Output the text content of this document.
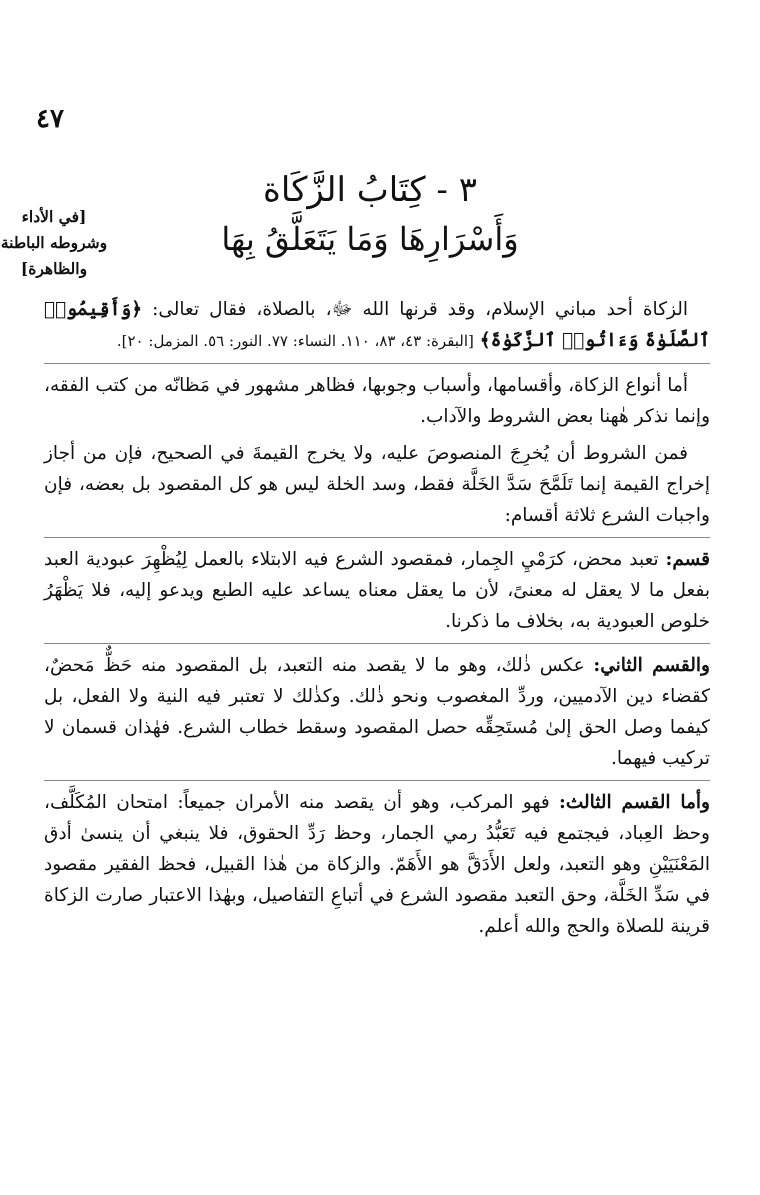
٤٧
٣ - كِتَابُ الزَّكَاة
وَأَسْرَارِهَا وَمَا يَتَعَلَّقُ بِهَا
[في الأداء وشروطه الباطنة والظاهرة]

الزكاة أحد مباني الإسلام، وقد قرنها الله ﷻ، بالصلاة، فقال تعالى: ﴿وَأَقِيمُوا۟ ٱلصَّلَوٰةَ وَءَاتُوا۟ ٱلزَّكَوٰةَ﴾ [البقرة: ٤٣، ٨٣، ١١٠. النساء: ٧٧. النور: ٥٦. المزمل: ٢٠].

أما أنواع الزكاة، وأقسامها، وأسباب وجوبها، فظاهر مشهور في مَظانّه من كتب الفقه، وإنما نذكر هٰهنا بعض الشروط والآداب.

فمن الشروط أن يُخرِجَ المنصوصَ عليه، ولا يخرج القيمةَ في الصحيح، فإن من أجاز إخراج القيمة إنما تَلَمَّحَ سَدَّ الخَلَّة فقط، وسد الخلة ليس هو كل المقصود بل بعضه، فإن واجبات الشرع ثلاثة أقسام:

قسم: تعبد محض، كرَمْيِ الجِمار، فمقصود الشرع فيه الابتلاء بالعمل لِيُظْهِرَ عبودية العبد بفعل ما لا يعقل له معنىً، لأن ما يعقل معناه يساعد عليه الطبع ويدعو إليه، فلا يَظْهَرُ خلوص العبودية به، بخلاف ما ذكرنا.

والقسم الثاني: عكس ذٰلك، وهو ما لا يقصد منه التعبد، بل المقصود منه حَظٌّ مَحضٌ، كقضاء دين الآدميين، وردِّ المغصوب ونحو ذٰلك. وكذٰلك لا تعتبر فيه النية ولا الفعل، بل كيفما وصل الحق إلىٰ مُستَحِقِّه حصل المقصود وسقط خطاب الشرع. فهٰذان قسمان لا تركيب فيهما.

وأما القسم الثالث: فهو المركب، وهو أن يقصد منه الأمران جميعاً: امتحان المُكَلَّف، وحظ العِباد، فيجتمع فيه تَعَبُّدُ رمي الجمار، وحظ رَدِّ الحقوق، فلا ينبغي أن ينسىٰ أدق المَعْنَيَيْنِ وهو التعبد، ولعل الأَدَقَّ هو الأَهَمّ. والزكاة من هٰذا القبيل، فحظ الفقير مقصود في سَدِّ الخَلَّة، وحق التعبد مقصود الشرع في أتباعِ التفاصيل، وبهٰذا الاعتبار صارت الزكاة قرينة للصلاة والحج والله أعلم.
